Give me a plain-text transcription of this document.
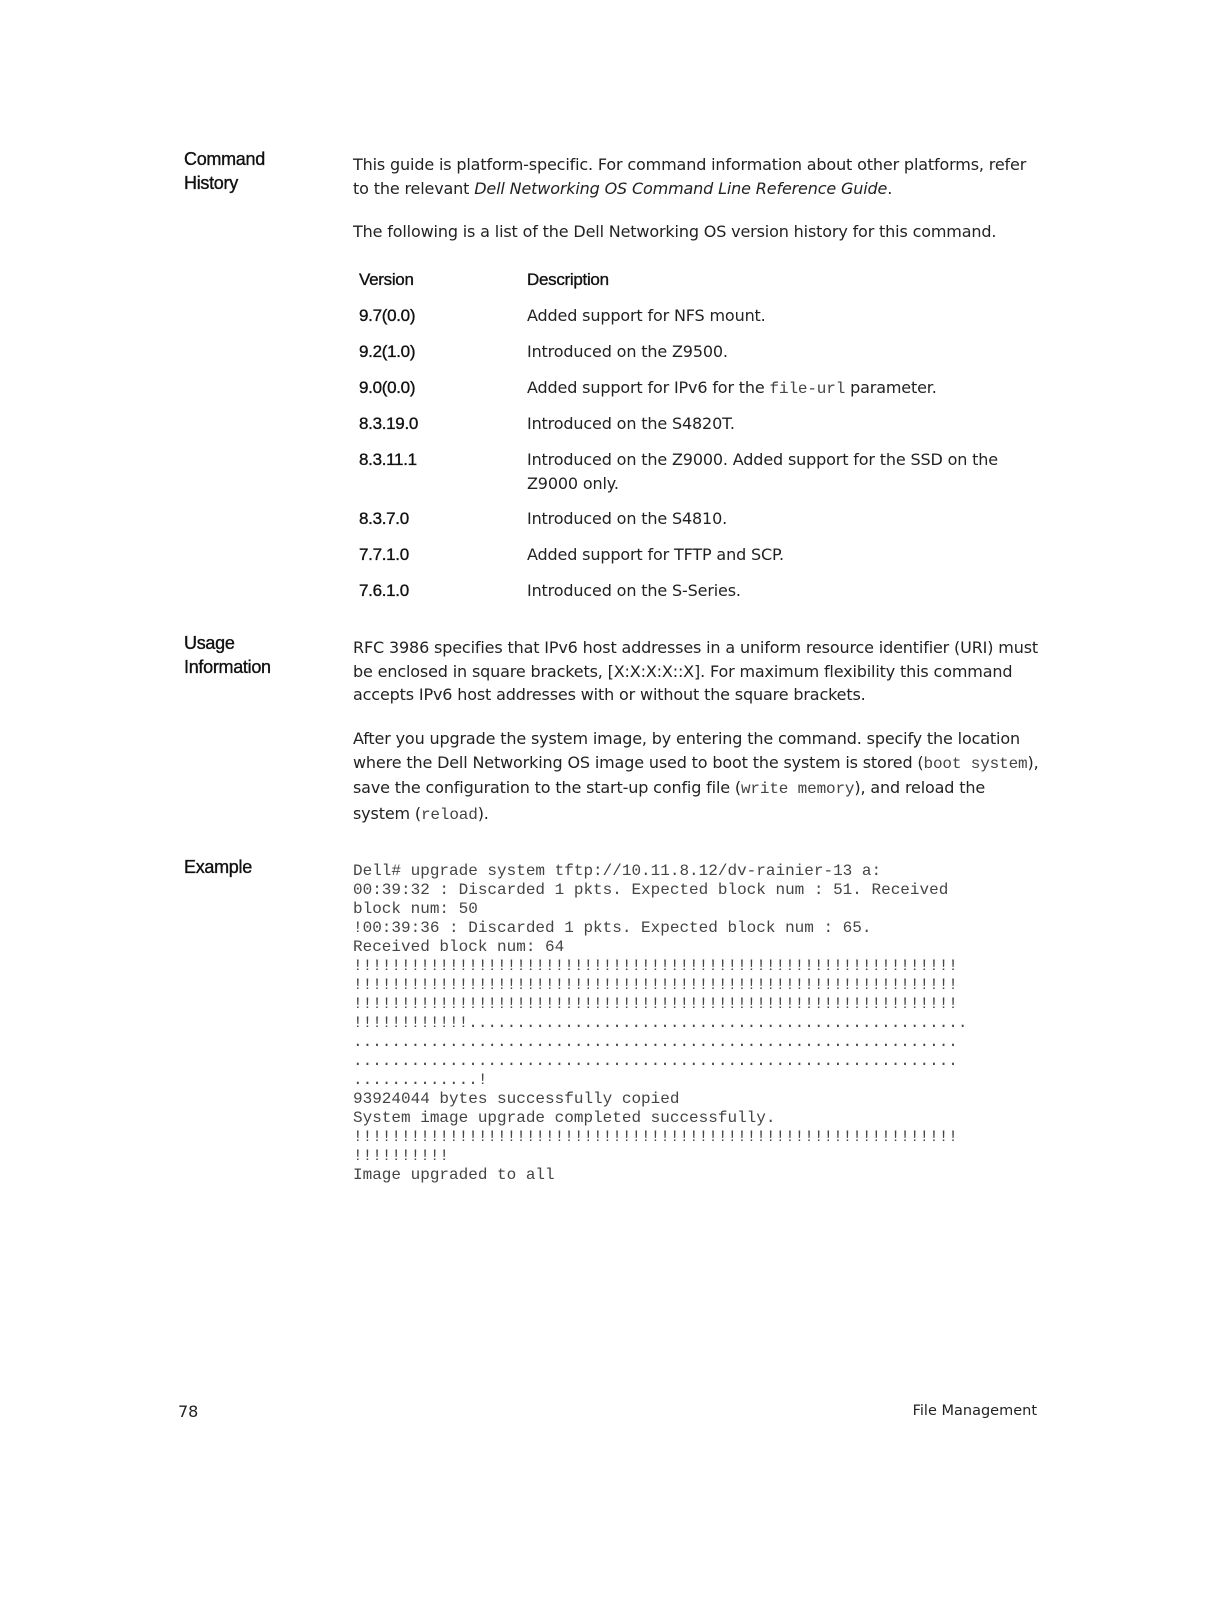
Command
History
This guide is platform-specific. For command information about other platforms, refer to the relevant Dell Networking OS Command Line Reference Guide.
The following is a list of the Dell Networking OS version history for this command.
Version	Description
9.7(0.0)	Added support for NFS mount.
9.2(1.0)	Introduced on the Z9500.
9.0(0.0)	Added support for IPv6 for the file-url parameter.
8.3.19.0	Introduced on the S4820T.
8.3.11.1	Introduced on the Z9000. Added support for the SSD on the Z9000 only.
8.3.7.0	Introduced on the S4810.
7.7.1.0	Added support for TFTP and SCP.
7.6.1.0	Introduced on the S-Series.
Usage
Information
RFC 3986 specifies that IPv6 host addresses in a uniform resource identifier (URI) must be enclosed in square brackets, [X:X:X:X::X]. For maximum flexibility this command accepts IPv6 host addresses with or without the square brackets.
After you upgrade the system image, by entering the command. specify the location where the Dell Networking OS image used to boot the system is stored (boot system), save the configuration to the start-up config file (write memory), and reload the system (reload).
Example	Dell# upgrade system tftp://10.11.8.12/dv-rainier-13 a:
00:39:32 : Discarded 1 pkts. Expected block num : 51. Received
block num: 50
!00:39:36 : Discarded 1 pkts. Expected block num : 65.
Received block num: 64
!!!!!!!!!!!!!!!!!!!!!!!!!!!!!!!!!!!!!!!!!!!!!!!!!!!!!!!!!!!!!!!
!!!!!!!!!!!!!!!!!!!!!!!!!!!!!!!!!!!!!!!!!!!!!!!!!!!!!!!!!!!!!!!
!!!!!!!!!!!!!!!!!!!!!!!!!!!!!!!!!!!!!!!!!!!!!!!!!!!!!!!!!!!!!!!
!!!!!!!!!!!!....................................................
...............................................................
...............................................................
.............!
93924044 bytes successfully copied
System image upgrade completed successfully.
!!!!!!!!!!!!!!!!!!!!!!!!!!!!!!!!!!!!!!!!!!!!!!!!!!!!!!!!!!!!!!!
!!!!!!!!!!
Image upgraded to all
78	File Management
